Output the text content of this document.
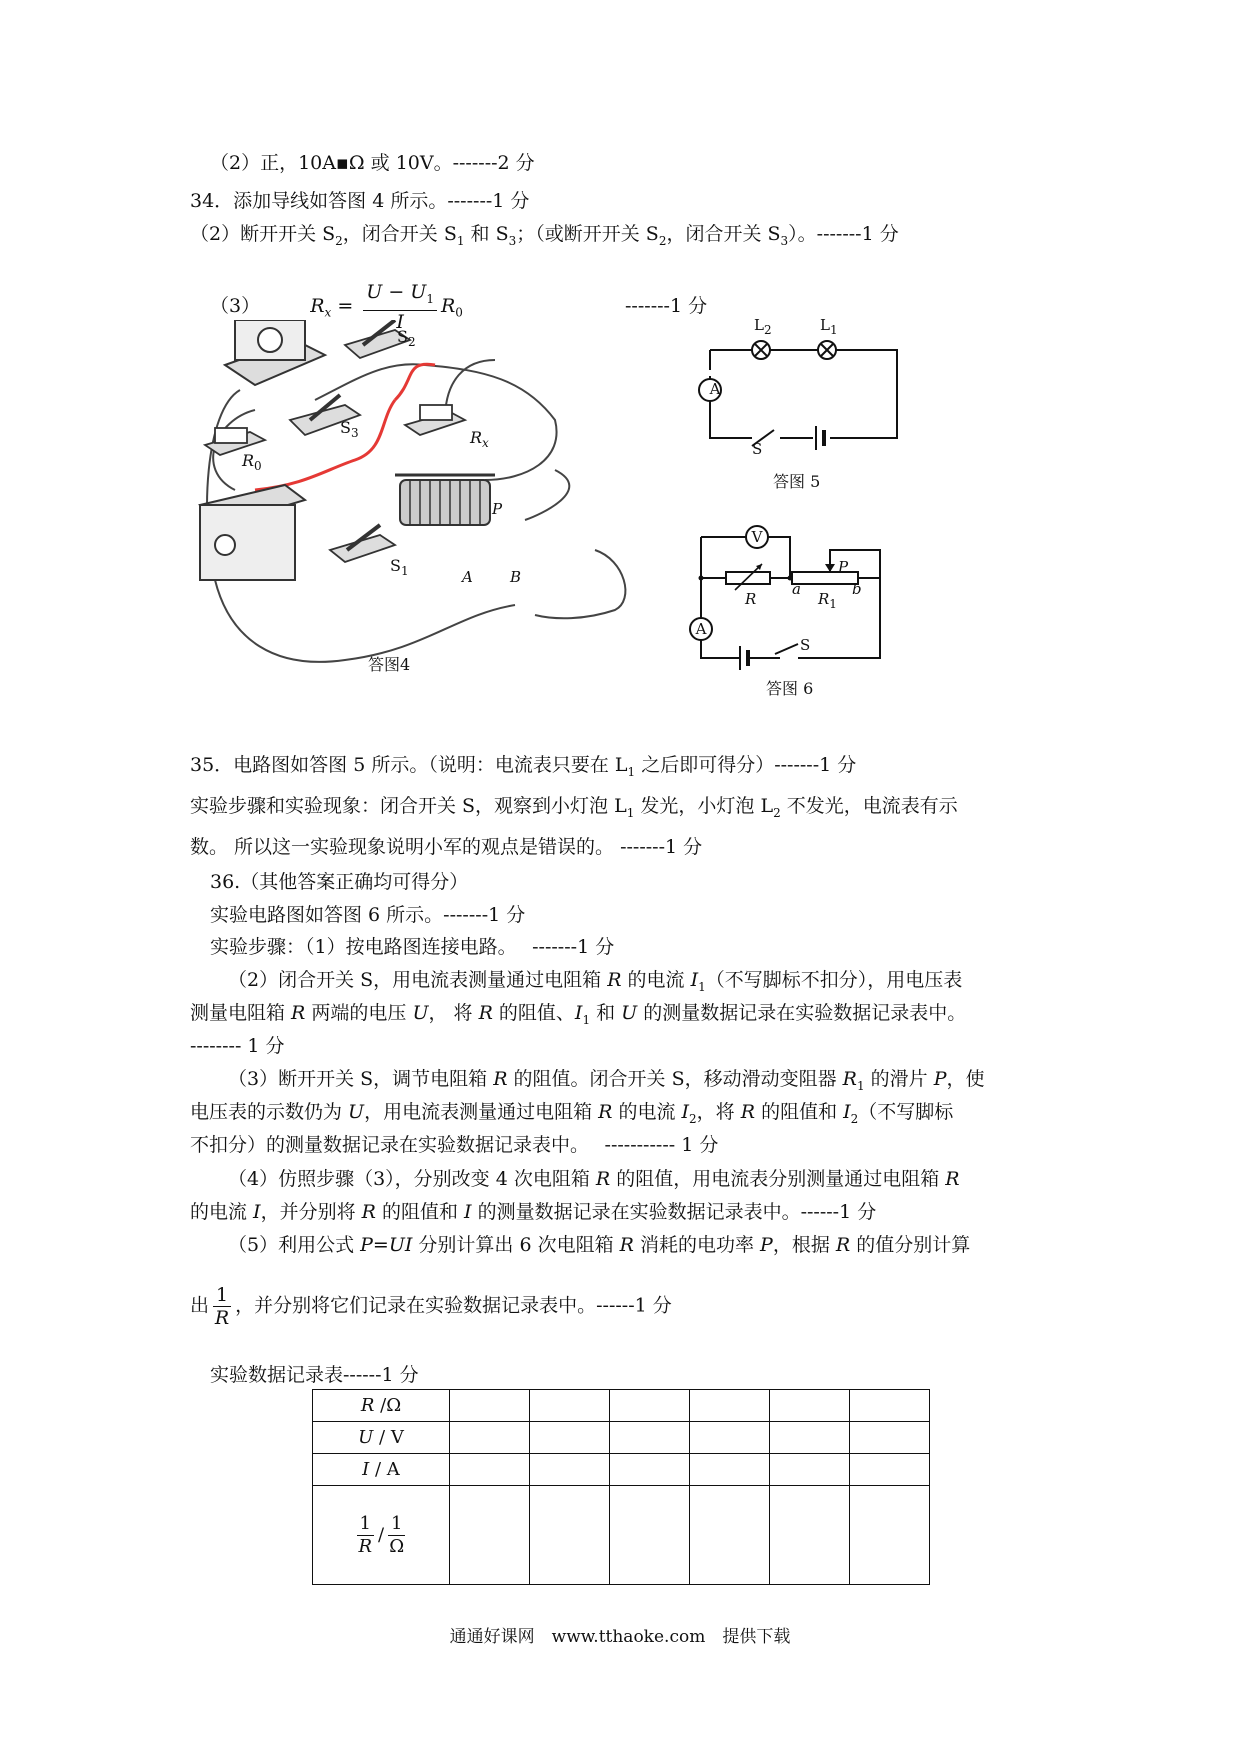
（2）正，10A▪Ω 或 10V。-------2 分
34．添加导线如答图 4 所示。-------1 分
（2）断开开关 $S_2$，闭合开关 $S_1$ 和 $S_3$；（或断开开关 $S_2$，闭合开关 $S_3$）。-------1 分
（3）	$R_x = \frac{U - U_1}{I} R_0$	-------1 分
$S_2$
$S_3$
$R_0$
$R_x$
P
A B
$S_1$
答图4
A
$L_2$	$L_1$
S
答图 5
V
A
R
a
$R_1$
b
P
S
答图 6
35．电路图如答图 5 所示。（说明：电流表只要在 $L_1$ 之后即可得分）-------1 分
实验步骤和实验现象：闭合开关 S，观察到小灯泡 $L_1$ 发光，小灯泡 $L_2$ 不发光，电流表有示
数。 所以这一实验现象说明小军的观点是错误的。 -------1 分
36.（其他答案正确均可得分）
实验电路图如答图 6 所示。-------1 分
实验步骤：（1）按电路图连接电路。　 -------1 分
（2）闭合开关 S，用电流表测量通过电阻箱 R 的电流 $I_1$（不写脚标不扣分），用电压表
测量电阻箱 R 两端的电压 U， 将 R 的阻值、$I_1$ 和 U 的测量数据记录在实验数据记录表中。
-------- 1 分
（3）断开开关 S，调节电阻箱 R 的阻值。闭合开关 S，移动滑动变阻器 $R_1$ 的滑片 P，使
电压表的示数仍为 U，用电流表测量通过电阻箱 R 的电流 $I_2$，将 R 的阻值和 $I_2$（不写脚标
不扣分）的测量数据记录在实验数据记录表中。　 ----------- 1 分
（4）仿照步骤（3），分别改变 4 次电阻箱 R 的阻值，用电流表分别测量通过电阻箱 R
的电流 I，并分别将 R 的阻值和 I 的测量数据记录在实验数据记录表中。------1 分
（5）利用公式 P=UI 分别计算出 6 次电阻箱 R 消耗的电功率 P，根据 R 的值分别计算
出 $\frac{1}{R}$ ，并分别将它们记录在实验数据记录表中。------1 分
实验数据记录表------1 分
R /Ω						
U / V						
I / A						

$\frac{1}{R} / \frac{1}{\Omega}$

通通好课网　www.tthaoke.com　提供下载
